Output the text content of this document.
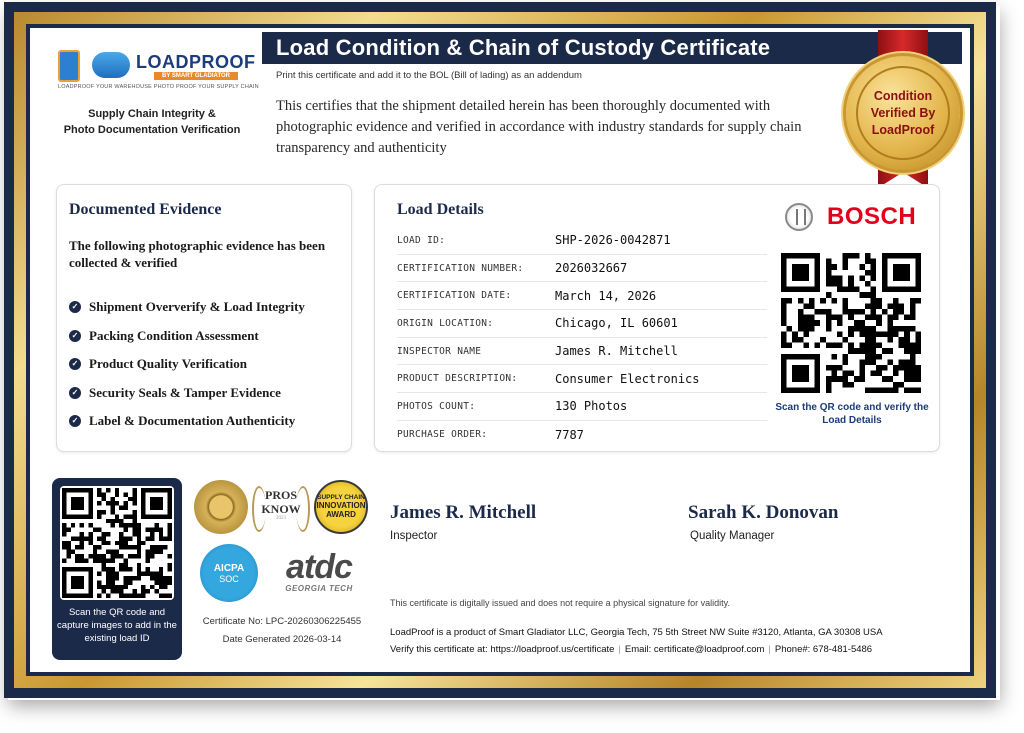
LOADPROOF
BY SMART GLADIATOR
LOADPROOF YOUR WAREHOUSE PHOTO PROOF YOUR SUPPLY CHAIN
Supply Chain Integrity &
Photo Documentation Verification
Load Condition & Chain of Custody Certificate
Print this certificate and add it to the BOL (Bill of lading) as an addendum
This certifies that the shipment detailed herein has been thoroughly documented with photographic evidence and verified in accordance with industry standards for supply chain transparency and authenticity
Condition
Verified By
LoadProof
Documented Evidence
The following photographic evidence has been collected & verified
✓ Shipment Oververify & Load Integrity
✓ Packing Condition Assessment
✓ Product Quality Verification
✓ Security Seals & Tamper Evidence
✓ Label & Documentation Authenticity
Load Details
LOAD ID:	SHP-2026-0042871
CERTIFICATION NUMBER:	2026032667
CERTIFICATION DATE:	March 14, 2026
ORIGIN LOCATION:	Chicago, IL 60601
INSPECTOR NAME	James R. Mitchell
PRODUCT DESCRIPTION:	Consumer Electronics
PHOTOS COUNT:	130 Photos
PURCHASE ORDER:	7787
BOSCH
Scan the QR code and verify the Load Details
Scan the QR code and capture images to add in the existing load ID
PROS
KNOW
2023
SUPPLY CHAIN
INNOVATION
AWARD
AICPA
SOC	atdc
GEORGIA TECH
Certificate No: LPC-20260306225455
Date Generated 2026-03-14
James R. Mitchell
Inspector
Sarah K. Donovan
Quality Manager
This certificate is digitally issued and does not require a physical signature for validity.
LoadProof is a product of Smart Gladiator LLC, Georgia Tech, 75 5th Street NW Suite #3120, Atlanta, GA 30308 USA
Verify this certificate at: https://loadproof.us/certificate | Email: certificate@loadproof.com | Phone#: 678-481-5486
